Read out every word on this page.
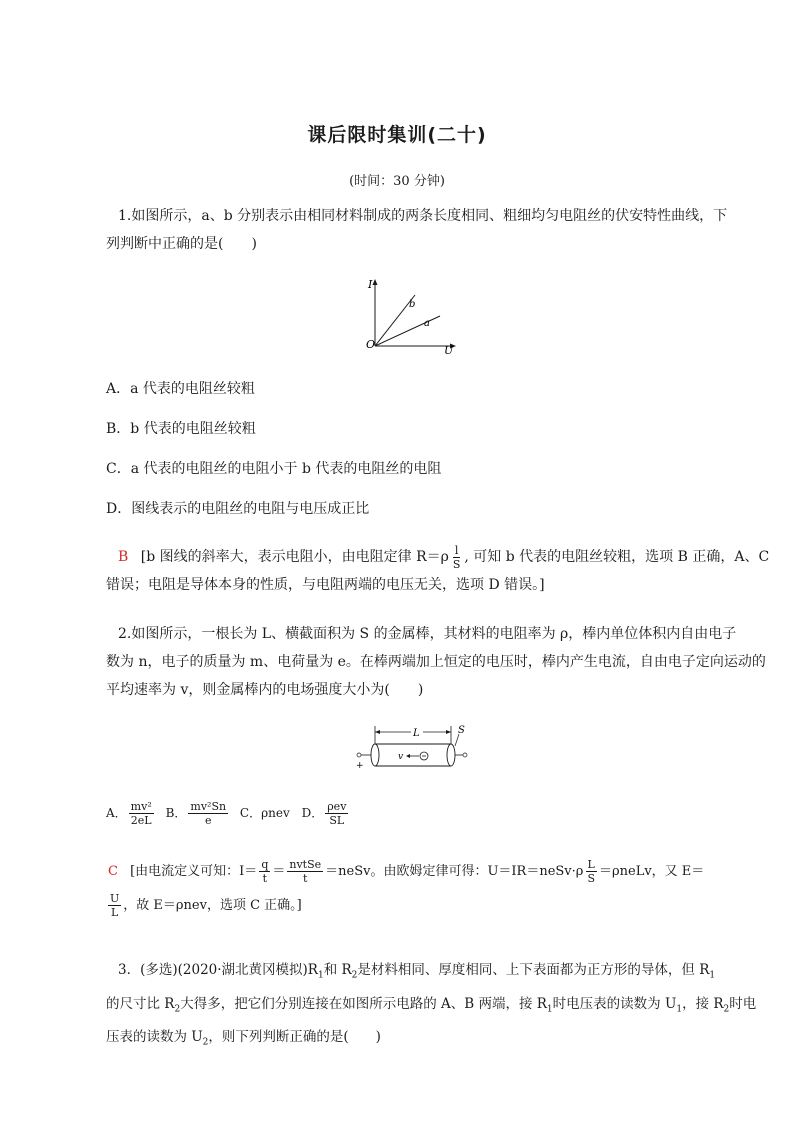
课后限时集训(二十)
(时间：30 分钟)
1.如图所示，a、b 分别表示由相同材料制成的两条长度相同、粗细均匀电阻丝的伏安特性曲线，下
列判断中正确的是(　　)
I
O	U
b
a
A．a 代表的电阻丝较粗
B．b 代表的电阻丝较粗
C．a 代表的电阻丝的电阻小于 b 代表的电阻丝的电阻
D．图线表示的电阻丝的电阻与电压成正比
B [b 图线的斜率大，表示电阻小，由电阻定律 $R=\rho \frac{l}{S}$ , 可知 b 代表的电阻丝较粗，选项 B 正确，A、C
错误；电阻是导体本身的性质，与电阻两端的电压无关，选项 D 错误。]
2.如图所示，一根长为 L、横截面积为 S 的金属棒，其材料的电阻率为 ρ，棒内单位体积内自由电子
数为 n，电子的质量为 m、电荷量为 e。在棒两端加上恒定的电压时，棒内产生电流，自由电子定向运动的
平均速率为 v，则金属棒内的电场强度大小为(　　)
L	S
v
+
A． $\frac{\text{mv²}}{2eL}$ B． $\frac{\text{mv²Sn}}{e}$ C．ρnev D． $\frac{\text{ρev}}{SL}$
C [由电流定义可知：$I= \frac{q}{t} = \frac{\text{nvtSe}}{t}$ ＝neSv。由欧姆定律可得：U＝IR＝neSv·ρ $\frac{L}{S}$ ＝ρneLv，又 E＝
$\frac{U}{L}$ ，故 E＝ρnev，选项 C 正确。]
3．(多选)(2020·湖北黄冈模拟)$R_1$和 $R_2$是材料相同、厚度相同、上下表面都为正方形的导体，但 $R_1$
的尺寸比 $R_2$大得多，把它们分别连接在如图所示电路的 A、B 两端，接 $R_1$时电压表的读数为 $U_1$，接 $R_2$时电
压表的读数为 $U_2$，则下列判断正确的是(　　)
